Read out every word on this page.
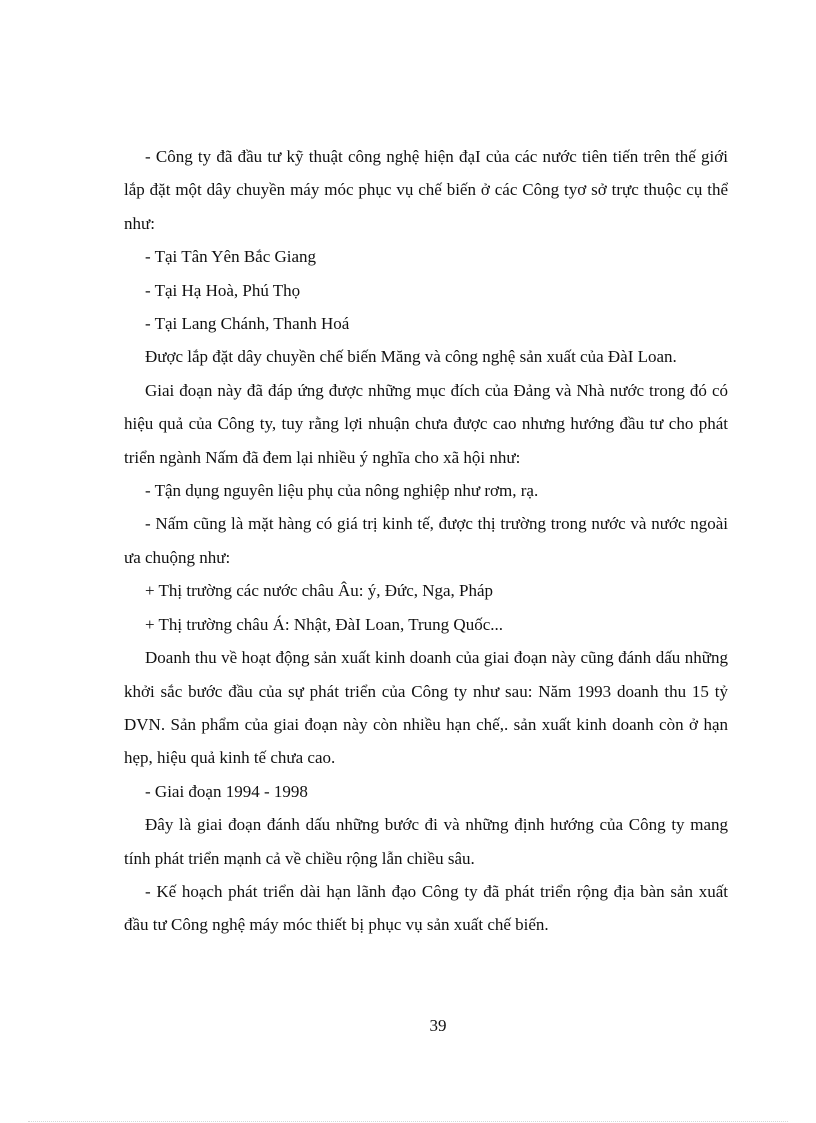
- Công ty đã đầu tư kỹ thuật công nghệ hiện đạI của các nước tiên tiến trên thế giới lắp đặt một dây chuyền máy móc phục vụ chế biến ở các Công tyơ sở trực thuộc cụ thể như:

- Tại Tân Yên Bắc Giang

- Tại Hạ Hoà, Phú Thọ

- Tại Lang Chánh, Thanh Hoá

Được lắp đặt dây chuyền chế biến Măng và công nghệ sản xuất của ĐàI Loan.

Giai đoạn này đã đáp ứng được những mục đích của Đảng và Nhà nước trong đó có hiệu quả của Công ty, tuy rằng lợi nhuận chưa được cao nhưng hướng đầu tư cho phát triển ngành Nấm đã đem lại nhiều ý nghĩa cho xã hội như:

- Tận dụng nguyên liệu phụ của nông nghiệp như rơm, rạ.

- Nấm cũng là mặt hàng có giá trị kinh tế, được thị trường trong nước và nước ngoài ưa chuộng như:

+ Thị trường các nước châu Âu: ý, Đức, Nga, Pháp

+ Thị trường châu Á: Nhật, ĐàI Loan, Trung Quốc...

Doanh thu về hoạt động sản xuất kinh doanh của giai đoạn này cũng đánh dấu những khởi sắc bước đầu của sự phát triển của Công ty như sau: Năm 1993 doanh thu 15 tỷ DVN. Sản phẩm của giai đoạn này còn nhiều hạn chế,. sản xuất kinh doanh còn ở hạn hẹp, hiệu quả kinh tế chưa cao.

- Giai đoạn 1994 - 1998

Đây là giai đoạn đánh dấu những bước đi và những định hướng của Công ty mang tính phát triển mạnh cả về chiều rộng lẫn chiều sâu.

- Kế hoạch phát triển dài hạn lãnh đạo Công ty đã phát triển rộng địa bàn sản xuất đầu tư Công nghệ máy móc thiết bị phục vụ sản xuất chế biến.

39
